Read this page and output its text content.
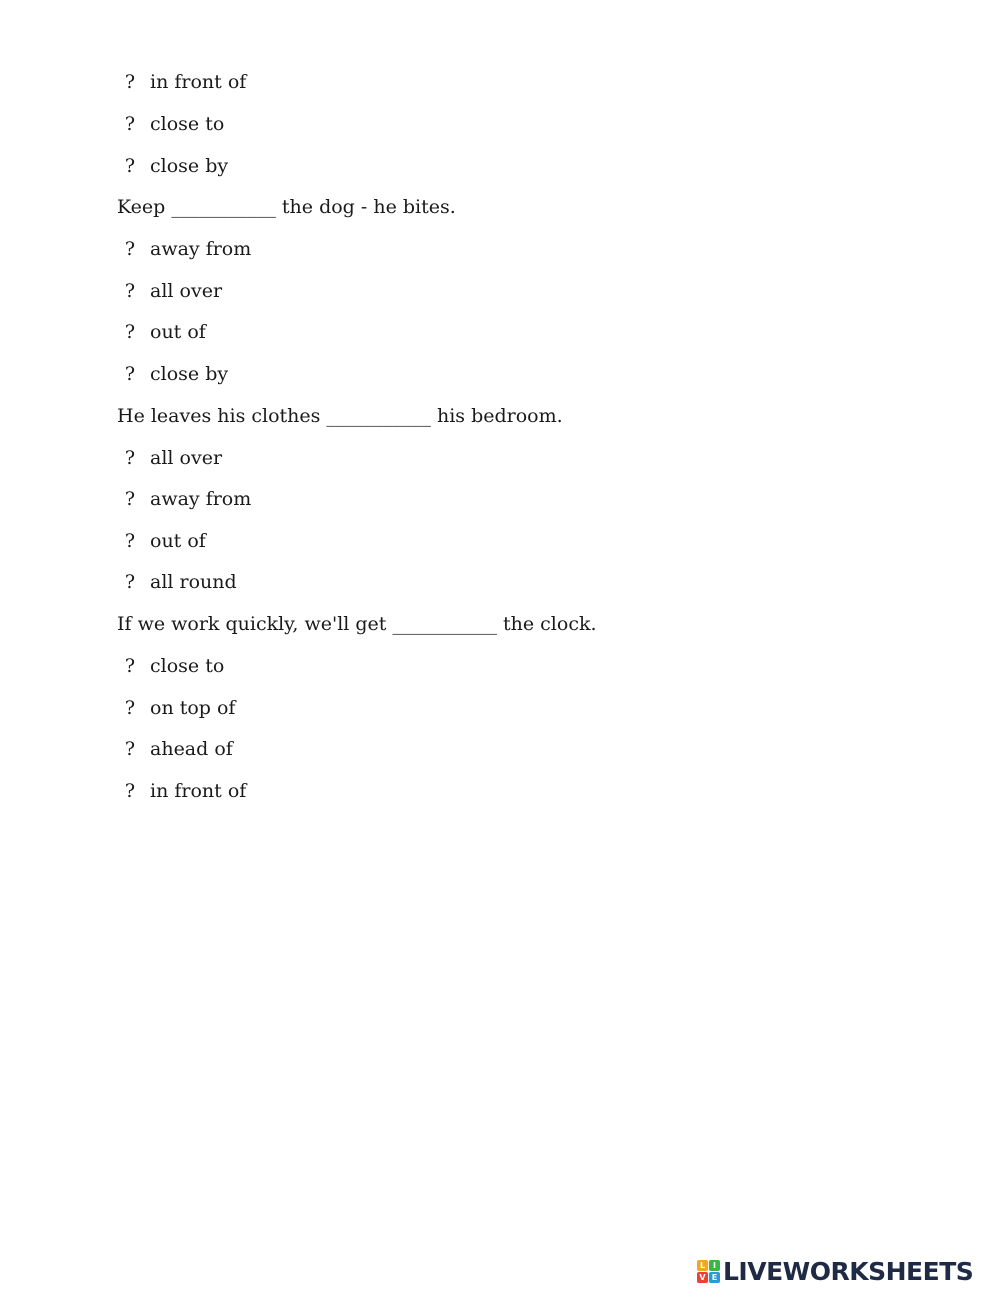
? in front of
? close to
? close by
Keep ___________ the dog - he bites.
? away from
? all over
? out of
? close by
He leaves his clothes ___________ his bedroom.
? all over
? away from
? out of
? all round
If we work quickly, we'll get ___________ the clock.
? close to
? on top of
? ahead of
? in front of
L I
V E LIVEWORKSHEETS
